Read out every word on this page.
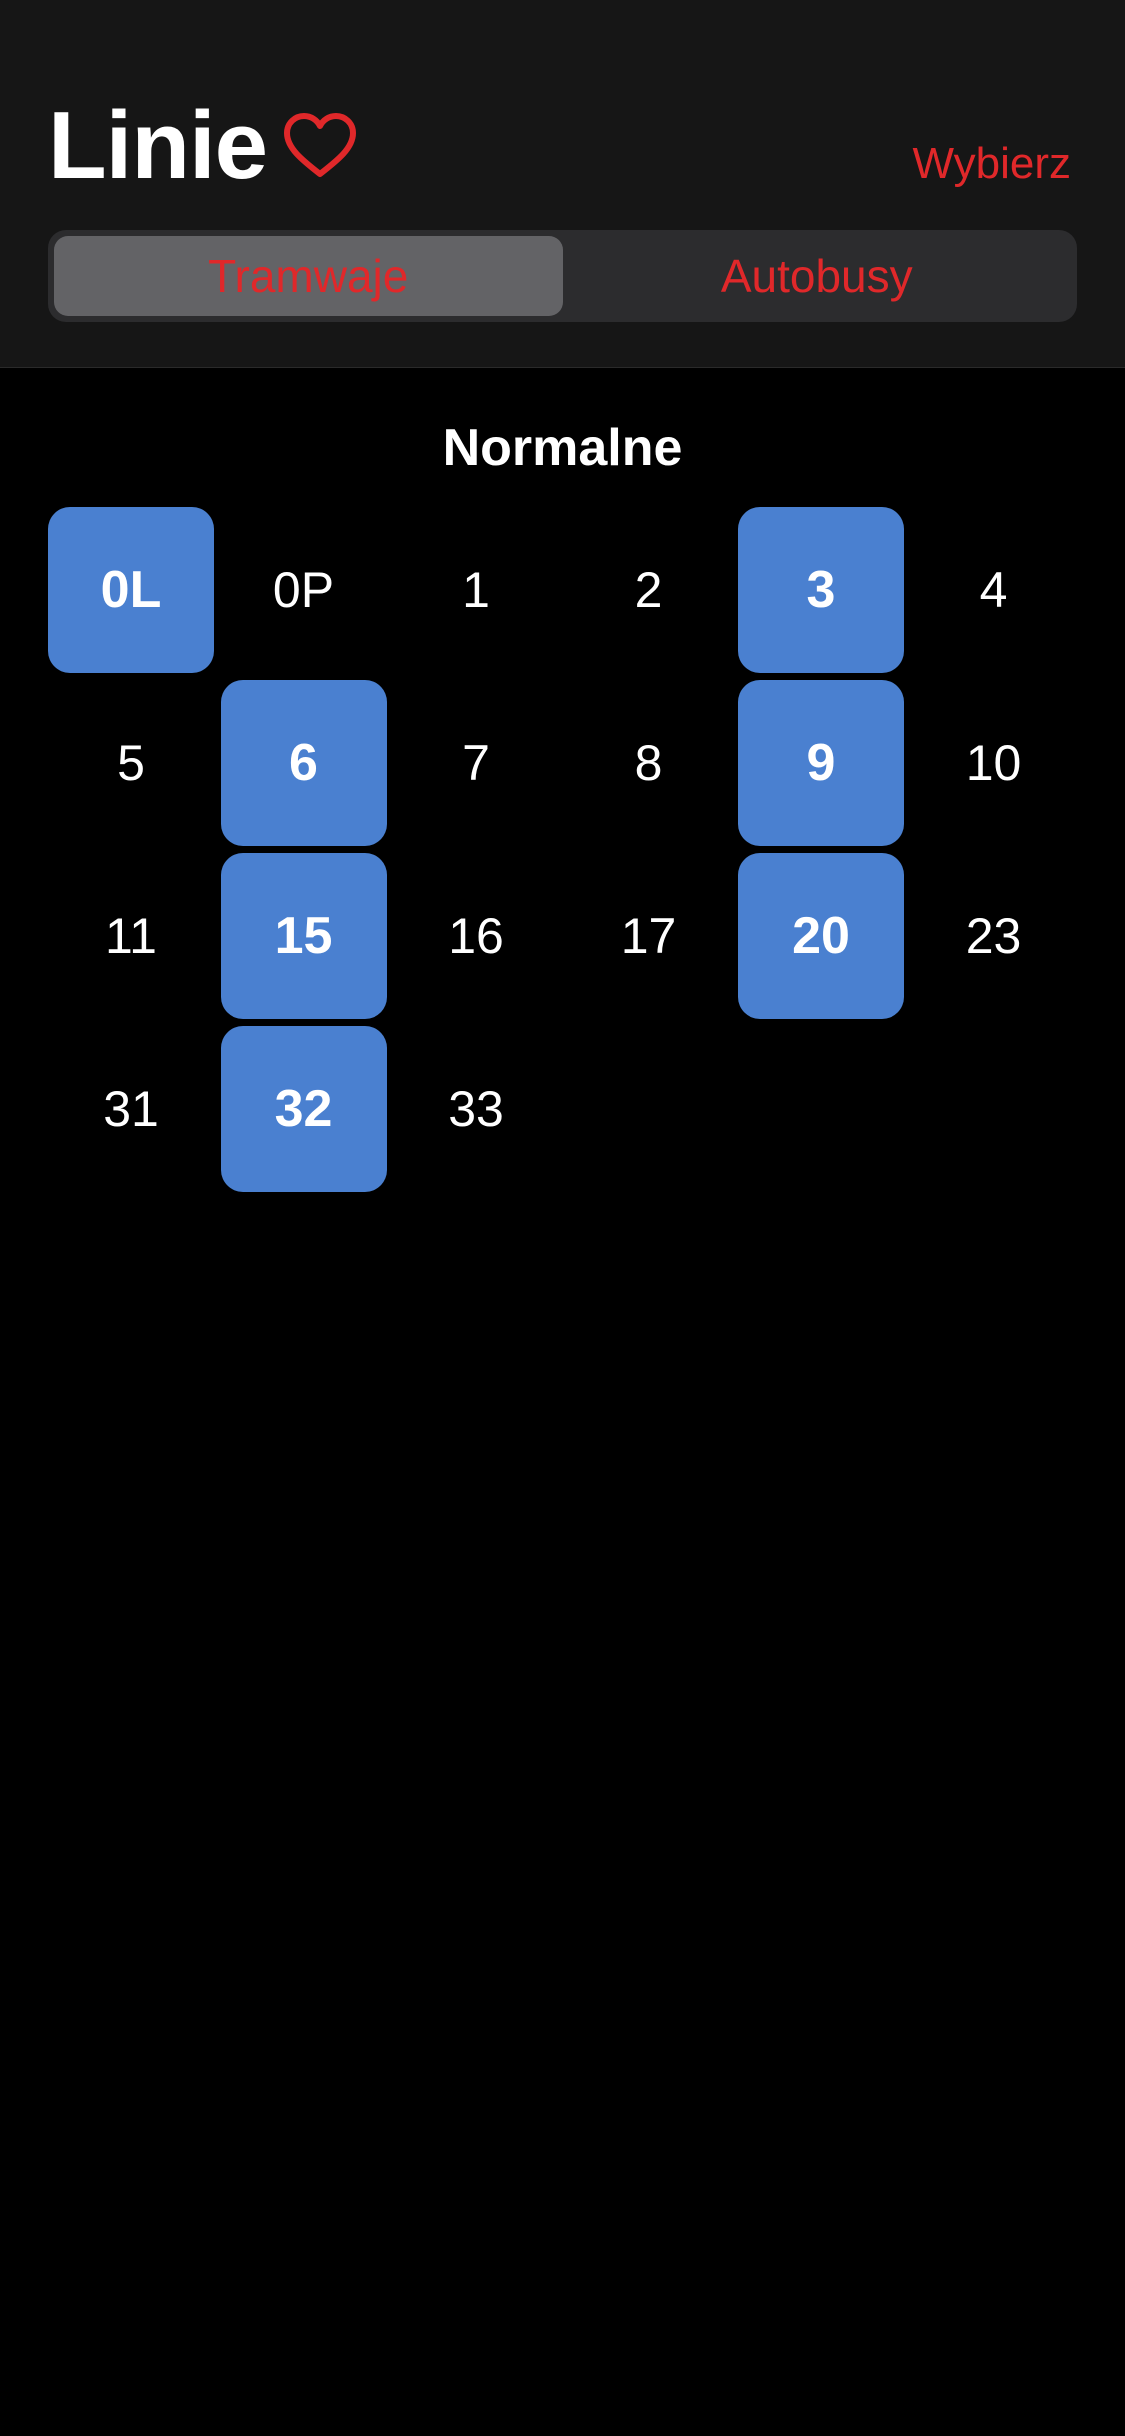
Linie	Wybierz
Tramwaje	Autobusy
Normalne
0L	0P	1	2	3	4
5	6	7	8	9	10
11	15	16	17	20	23
31	32	33
